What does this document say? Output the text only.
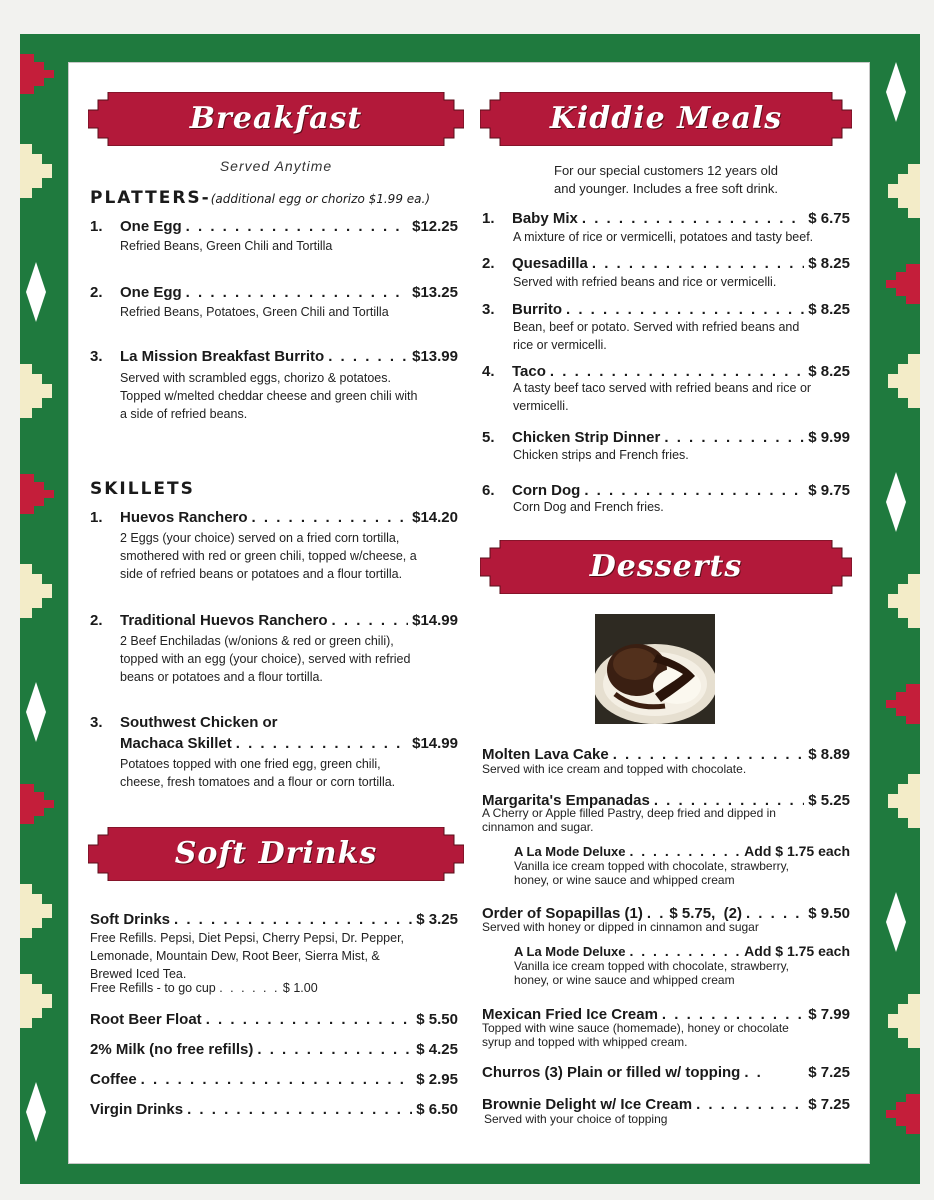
Breakfast
Served Anytime
PLATTERS-(additional egg or chorizo $1.99 ea.)
1.	One Egg . . .	$12.25
Refried Beans, Green Chili and Tortilla
2.	One Egg . . .	$13.25
Refried Beans, Potatoes, Green Chili and Tortilla
3.	La Mission Breakfast Burrito . . .	$13.99
Served with scrambled eggs, chorizo & potatoes.
Topped w/melted cheddar cheese and green chili with
a side of refried beans.
SKILLETS
1.	Huevos Ranchero . . .	$14.20
2 Eggs (your choice) served on a fried corn tortilla,
smothered with red or green chili, topped w/cheese, a
side of refried beans or potatoes and a flour tortilla.
2.	Traditional Huevos Ranchero . . .	$14.99
2 Beef Enchiladas (w/onions & red or green chili),
topped with an egg (your choice), served with refried
beans or potatoes and a flour tortilla.
3. Southwest Chicken or
Machaca Skillet . . .	$14.99
Potatoes topped with one fried egg, green chili,
cheese, fresh tomatoes and a flour or corn tortilla.
Soft Drinks
Soft Drinks . . .	$ 3.25
Free Refills. Pepsi, Diet Pepsi, Cherry Pepsi, Dr. Pepper,
Lemonade, Mountain Dew, Root Beer, Sierra Mist, &
Brewed Iced Tea.
Free Refills - to go cup . . . . . . $ 1.00
Root Beer Float . . .	$ 5.50
2% Milk (no free refills) . . .	$ 4.25
Coffee . . .	$ 2.95
Virgin Drinks . . .	$ 6.50
Kiddie Meals
For our special customers 12 years old
and younger. Includes a free soft drink.
1.	Baby Mix . . .	$ 6.75
A mixture of rice or vermicelli, potatoes and tasty beef.
2.	Quesadilla . . .	$ 8.25
Served with refried beans and rice or vermicelli.
3.	Burrito . . .	$ 8.25
Bean, beef or potato. Served with refried beans and
rice or vermicelli.
4.	Taco . . .	$ 8.25
A tasty beef taco served with refried beans and rice or
vermicelli.
5.	Chicken Strip Dinner . . .	$ 9.99
Chicken strips and French fries.
6.	Corn Dog . . .	$ 9.75
Corn Dog and French fries.
Desserts
Molten Lava Cake . . .	$ 8.89
Served with ice cream and topped with chocolate.
Margarita's Empanadas . . .	$ 5.25
A Cherry or Apple filled Pastry, deep fried and dipped in
cinnamon and sugar.
A La Mode Deluxe . . .	Add $ 1.75 each
Vanilla ice cream topped with chocolate, strawberry,
honey, or wine sauce and whipped cream
Order of Sopapillas (1) . . $ 5.75,
(2) . . .	$ 9.50
Served with honey or dipped in cinnamon and sugar
A La Mode Deluxe . . .	Add $ 1.75 each
Vanilla ice cream topped with chocolate, strawberry,
honey, or wine sauce and whipped cream
Mexican Fried Ice Cream . . .	$ 7.99
Topped with wine sauce (homemade), honey or chocolate
syrup and topped with whipped cream.
Churros (3) Plain or filled w/ topping . .	$ 7.25
Brownie Delight w/ Ice Cream . . .	$ 7.25
Served with your choice of topping
